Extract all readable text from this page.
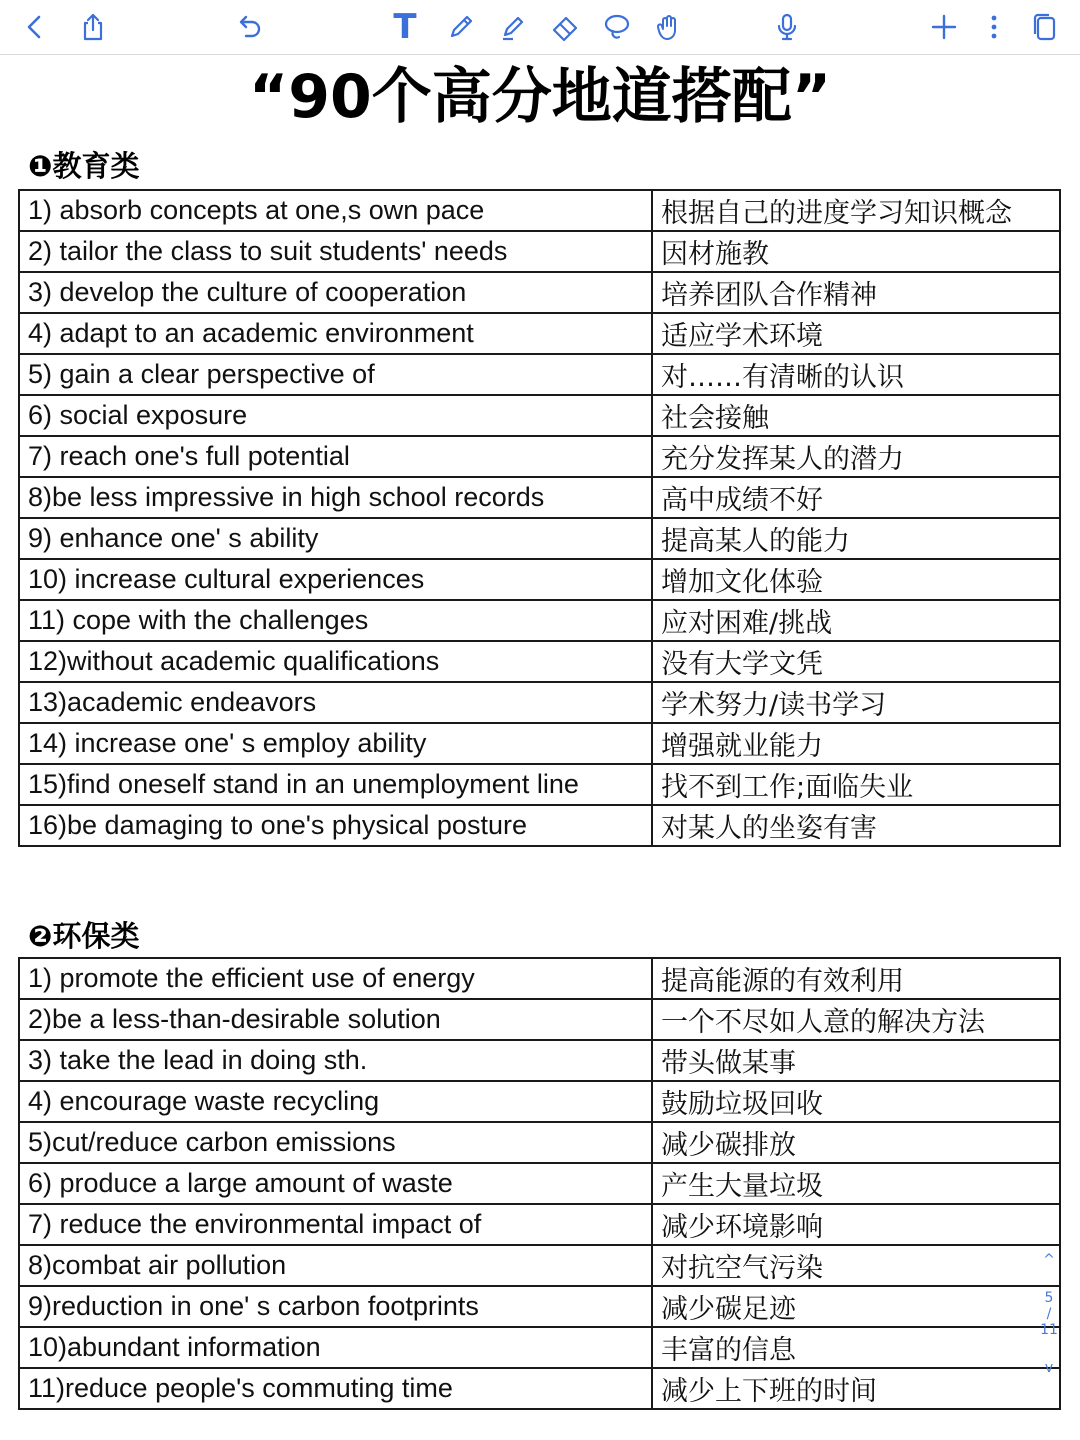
T
“90个高分地道搭配”
❶教育类
1) absorb concepts at one,s own pace	根据自己的进度学习知识概念
2) tailor the class to suit students' needs	因材施教
3) develop the culture of cooperation	培养团队合作精神
4) adapt to an academic environment	适应学术环境
5) gain a clear perspective of	对……有清晰的认识
6) social exposure	社会接触
7) reach one's full potential	充分发挥某人的潜力
8)be less impressive in high school records	高中成绩不好
9) enhance one' s ability	提高某人的能力
10) increase cultural experiences	增加文化体验
11) cope with the challenges	应对困难/挑战
12)without academic qualifications	没有大学文凭
13)academic endeavors	学术努力/读书学习
14) increase one' s employ ability	增强就业能力
15)find oneself stand in an unemployment line	找不到工作;面临失业
16)be damaging to one's physical posture	对某人的坐姿有害
❷环保类
1) promote the efficient use of energy	提高能源的有效利用
2)be a less-than-desirable solution	一个不尽如人意的解决方法
3) take the lead in doing sth.	带头做某事
4) encourage waste recycling	鼓励垃圾回收
5)cut/reduce carbon emissions	减少碳排放
6) produce a large amount of waste	产生大量垃圾
7) reduce the environmental impact of	减少环境影响
8)combat air pollution	对抗空气污染
9)reduction in one' s carbon footprints	减少碳足迹
10)abundant information	丰富的信息
11)reduce people's commuting time	减少上下班的时间
^
5
/
11
v
